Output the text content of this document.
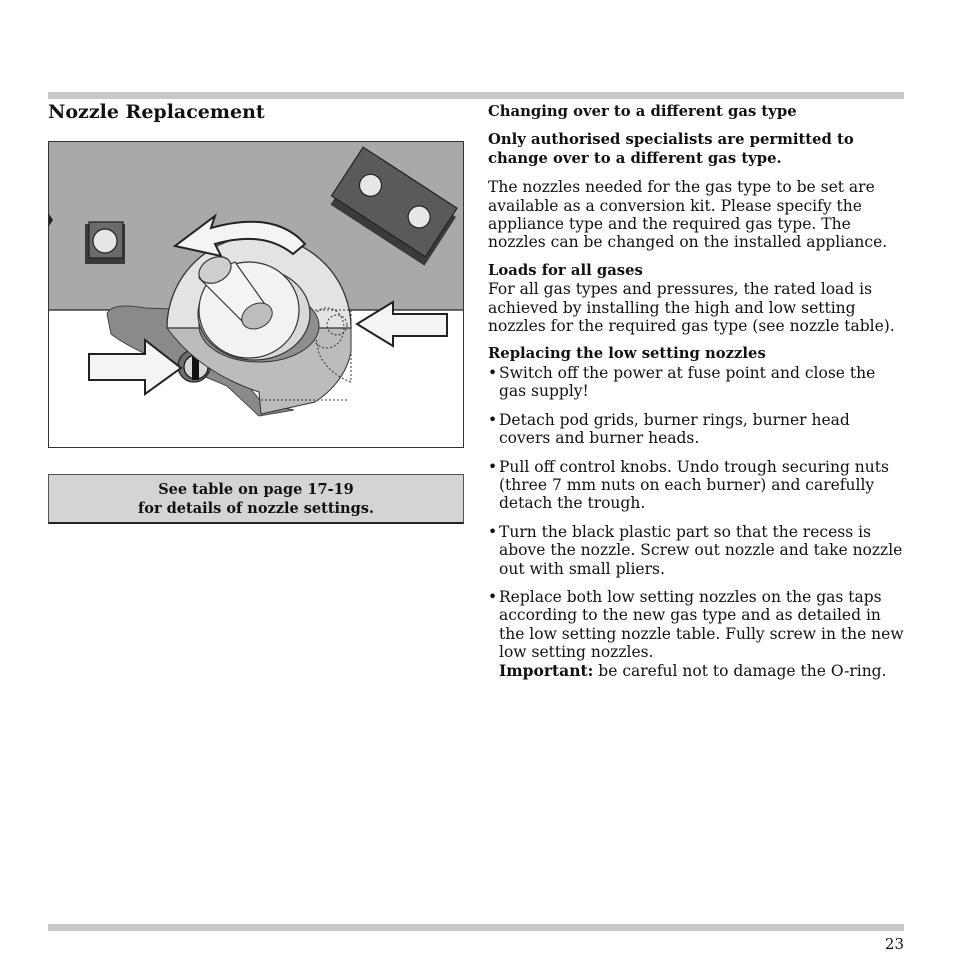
Nozzle Replacement
See table on page 17-19
for details of nozzle settings.

Changing over to a different gas type

Only authorised specialists are permitted to change over to a different gas type.

The nozzles needed for the gas type to be set are available as a conversion kit. Please specify the appliance type and the required gas type. The nozzles can be changed on the installed appliance.

Loads for all gases

For all gas types and pressures, the rated load is achieved by installing the high and low setting nozzles for the required gas type (see nozzle table).

Replacing the low setting nozzles

• Switch off the power at fuse point and close the gas supply!
• Detach pod grids, burner rings, burner head covers and burner heads.
• Pull off control knobs. Undo trough securing nuts (three 7 mm nuts on each burner) and carefully detach the trough.
• Turn the black plastic part so that the recess is above the nozzle. Screw out nozzle and take nozzle out with small pliers.
• Replace both low setting nozzles on the gas taps according to the new gas type and as detailed in the low setting nozzle table. Fully screw in the new low setting nozzles.
Important: be careful not to damage the O-ring.
23
